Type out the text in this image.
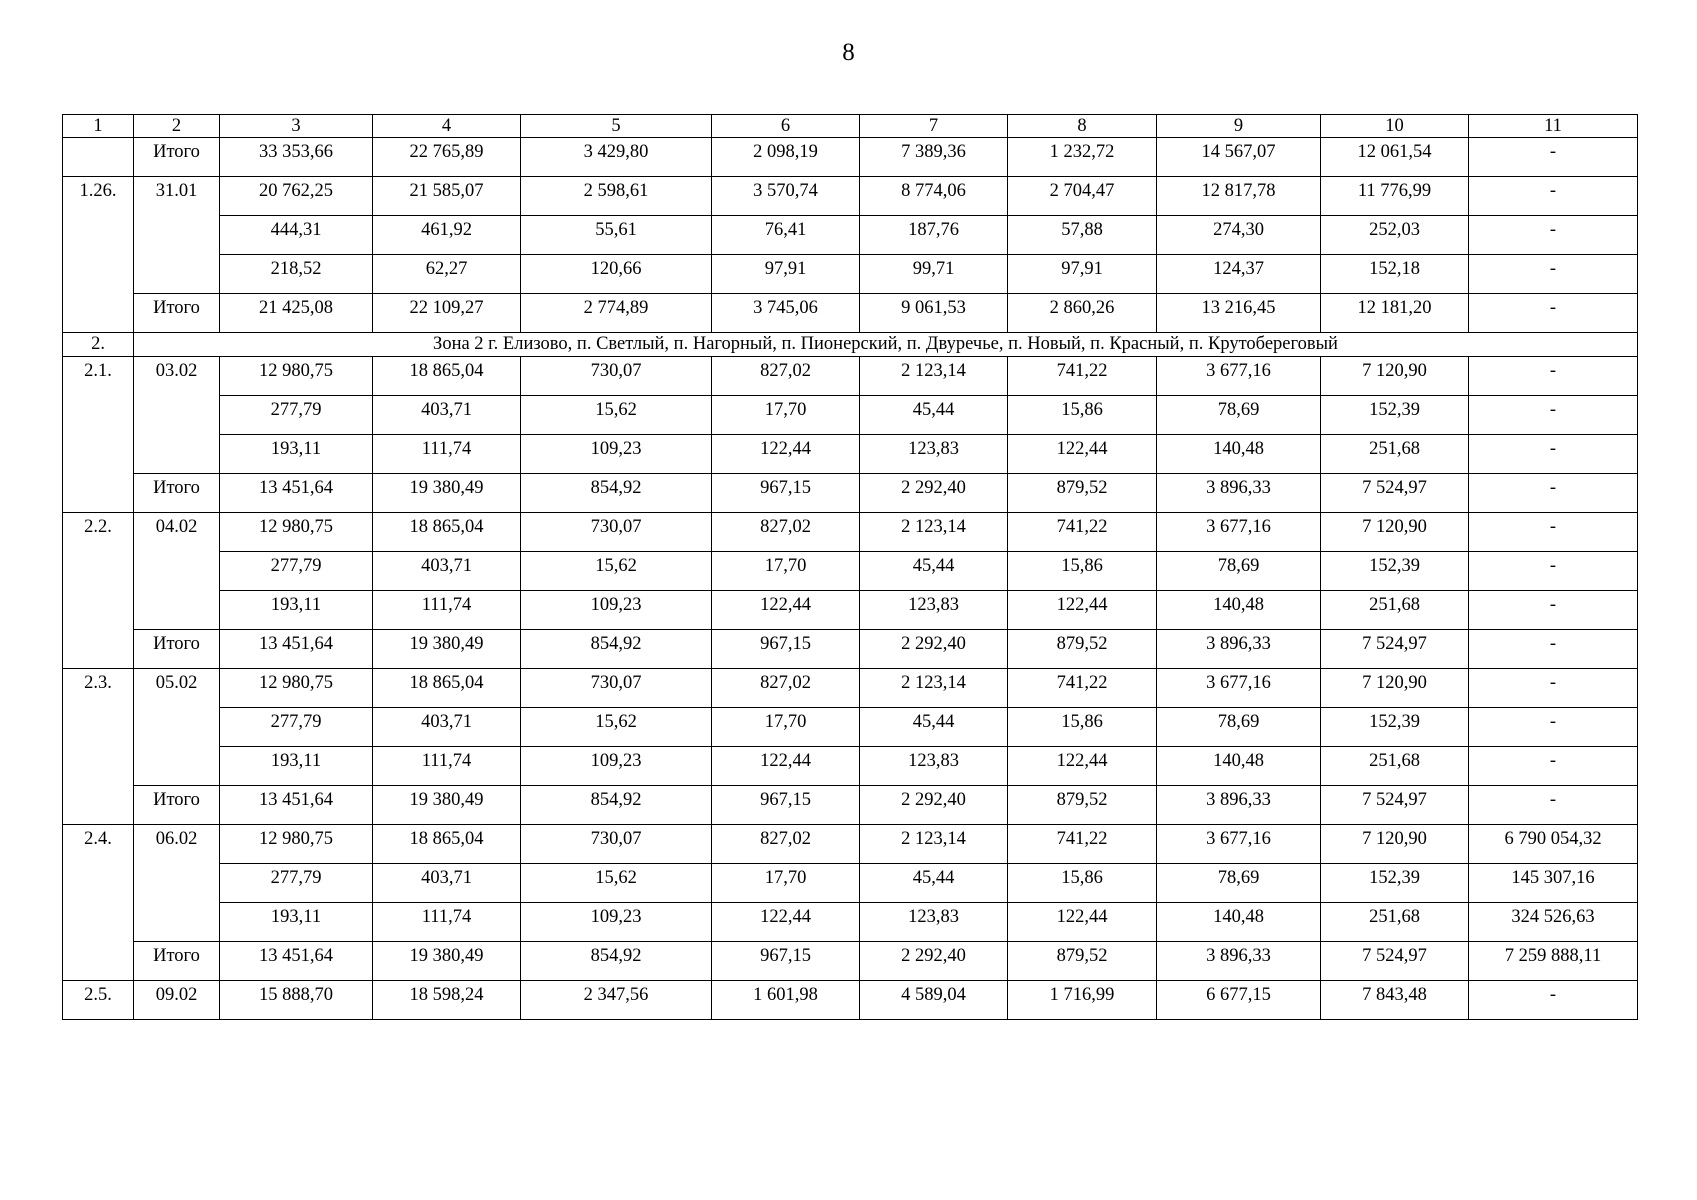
8
1	2	3	4	5	6	7	8	9	10	11
	Итого	33 353,66	22 765,89	3 429,80	2 098,19	7 389,36	1 232,72	14 567,07	12 061,54	-
1.26.	31.01	20 762,25	21 585,07	2 598,61	3 570,74	8 774,06	2 704,47	12 817,78	11 776,99	-
		444,31	461,92	55,61	76,41	187,76	57,88	274,30	252,03	-
		218,52	62,27	120,66	97,91	99,71	97,91	124,37	152,18	-
	Итого	21 425,08	22 109,27	2 774,89	3 745,06	9 061,53	2 860,26	13 216,45	12 181,20	-
2.	Зона 2 г. Елизово, п. Светлый, п. Нагорный, п. Пионерский, п. Двуречье, п. Новый, п. Красный, п. Крутобереговый									
2.1.	03.02	12 980,75	18 865,04	730,07	827,02	2 123,14	741,22	3 677,16	7 120,90	-
		277,79	403,71	15,62	17,70	45,44	15,86	78,69	152,39	-
		193,11	111,74	109,23	122,44	123,83	122,44	140,48	251,68	-
	Итого	13 451,64	19 380,49	854,92	967,15	2 292,40	879,52	3 896,33	7 524,97	-
2.2.	04.02	12 980,75	18 865,04	730,07	827,02	2 123,14	741,22	3 677,16	7 120,90	-
		277,79	403,71	15,62	17,70	45,44	15,86	78,69	152,39	-
		193,11	111,74	109,23	122,44	123,83	122,44	140,48	251,68	-
	Итого	13 451,64	19 380,49	854,92	967,15	2 292,40	879,52	3 896,33	7 524,97	-
2.3.	05.02	12 980,75	18 865,04	730,07	827,02	2 123,14	741,22	3 677,16	7 120,90	-
		277,79	403,71	15,62	17,70	45,44	15,86	78,69	152,39	-
		193,11	111,74	109,23	122,44	123,83	122,44	140,48	251,68	-
	Итого	13 451,64	19 380,49	854,92	967,15	2 292,40	879,52	3 896,33	7 524,97	-
2.4.	06.02	12 980,75	18 865,04	730,07	827,02	2 123,14	741,22	3 677,16	7 120,90	6 790 054,32
		277,79	403,71	15,62	17,70	45,44	15,86	78,69	152,39	145 307,16
		193,11	111,74	109,23	122,44	123,83	122,44	140,48	251,68	324 526,63
	Итого	13 451,64	19 380,49	854,92	967,15	2 292,40	879,52	3 896,33	7 524,97	7 259 888,11
2.5.	09.02	15 888,70	18 598,24	2 347,56	1 601,98	4 589,04	1 716,99	6 677,15	7 843,48	-
